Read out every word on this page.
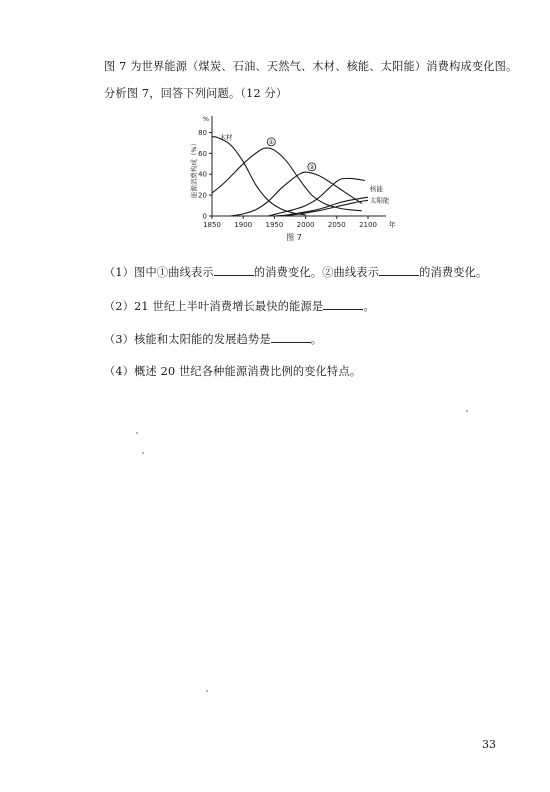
图 7 为世界能源（煤炭、石油、天然气、木材、核能、太阳能）消费构成变化图。
分析图 7，回答下列问题。（12 分）
0
20
40
60
80
1850 1900 1950 2000 2050 2100
%
年
图 7
能源消费构成（%）
木材
①
②
核能
太阳能
（1）图中①曲线表示	的消费变化。②曲线表示	的消费变化。
（2）21 世纪上半叶消费增长最快的能源是	。
（3）核能和太阳能的发展趋势是	。
（4）概述 20 世纪各种能源消费比例的变化特点。
33
